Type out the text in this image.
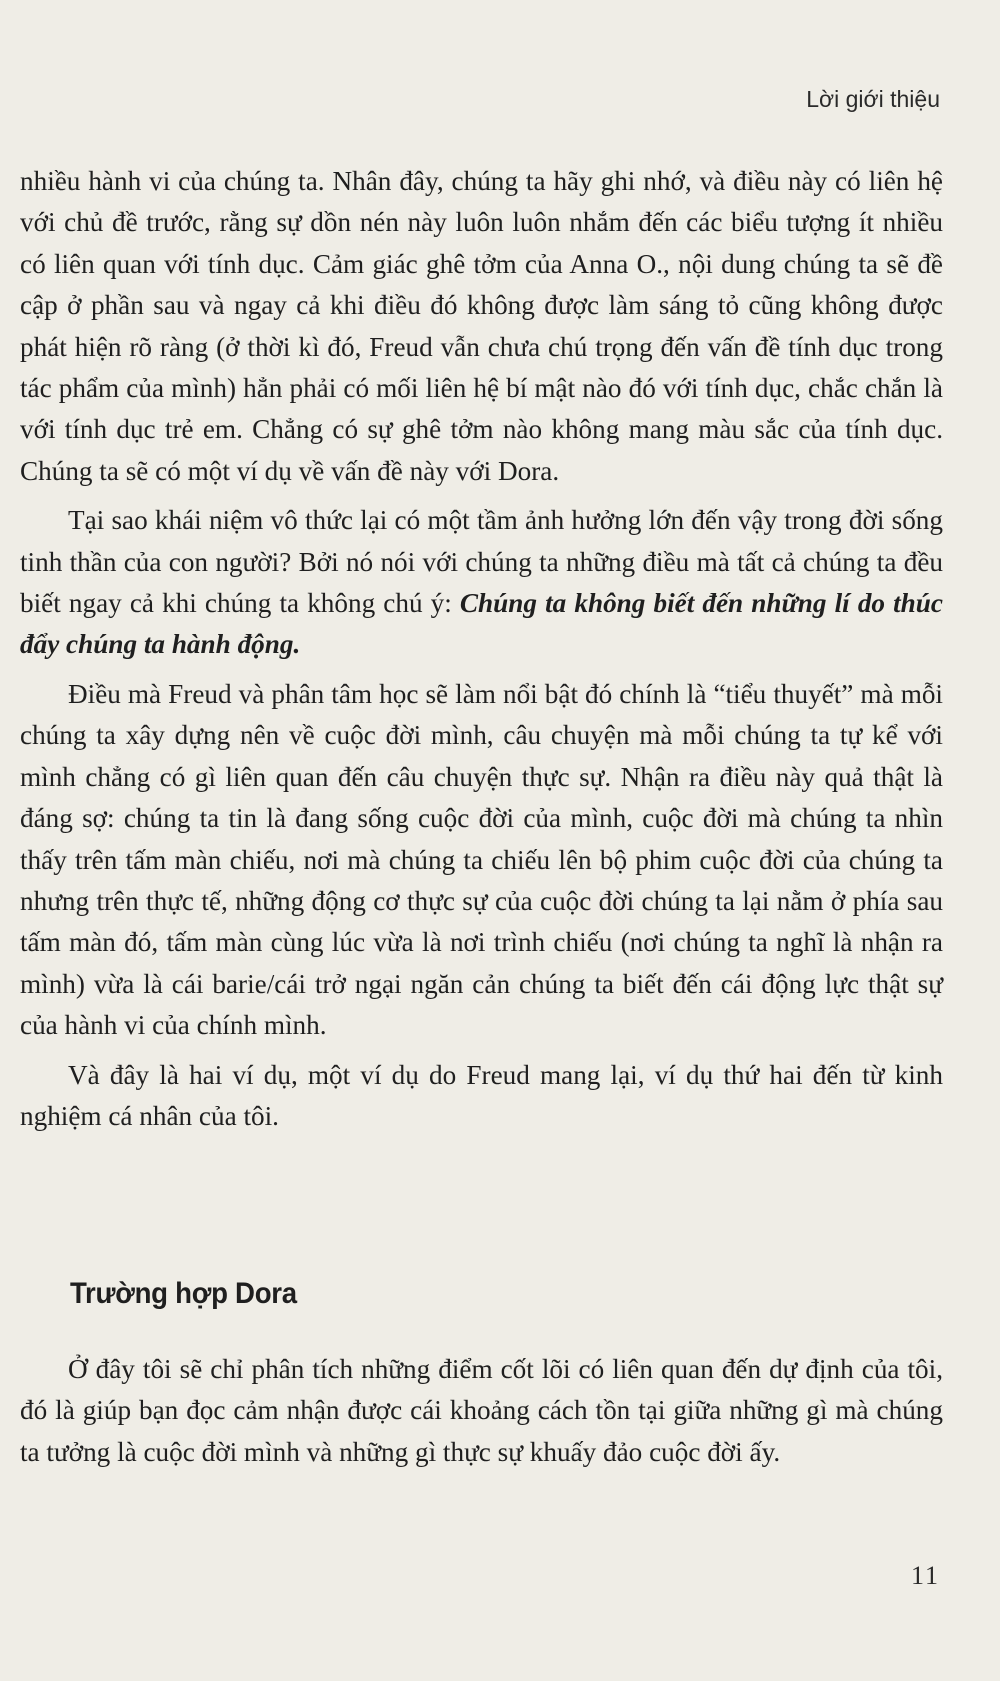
Lời giới thiệu

nhiều hành vi của chúng ta. Nhân đây, chúng ta hãy ghi nhớ, và điều này có liên hệ với chủ đề trước, rằng sự dồn nén này luôn luôn nhắm đến các biểu tượng ít nhiều có liên quan với tính dục. Cảm giác ghê tởm của Anna O., nội dung chúng ta sẽ đề cập ở phần sau và ngay cả khi điều đó không được làm sáng tỏ cũng không được phát hiện rõ ràng (ở thời kì đó, Freud vẫn chưa chú trọng đến vấn đề tính dục trong tác phẩm của mình) hẳn phải có mối liên hệ bí mật nào đó với tính dục, chắc chắn là với tính dục trẻ em. Chẳng có sự ghê tởm nào không mang màu sắc của tính dục. Chúng ta sẽ có một ví dụ về vấn đề này với Dora.

Tại sao khái niệm vô thức lại có một tầm ảnh hưởng lớn đến vậy trong đời sống tinh thần của con người? Bởi nó nói với chúng ta những điều mà tất cả chúng ta đều biết ngay cả khi chúng ta không chú ý: Chúng ta không biết đến những lí do thúc đẩy chúng ta hành động.

Điều mà Freud và phân tâm học sẽ làm nổi bật đó chính là “tiểu thuyết” mà mỗi chúng ta xây dựng nên về cuộc đời mình, câu chuyện mà mỗi chúng ta tự kể với mình chẳng có gì liên quan đến câu chuyện thực sự. Nhận ra điều này quả thật là đáng sợ: chúng ta tin là đang sống cuộc đời của mình, cuộc đời mà chúng ta nhìn thấy trên tấm màn chiếu, nơi mà chúng ta chiếu lên bộ phim cuộc đời của chúng ta nhưng trên thực tế, những động cơ thực sự của cuộc đời chúng ta lại nằm ở phía sau tấm màn đó, tấm màn cùng lúc vừa là nơi trình chiếu (nơi chúng ta nghĩ là nhận ra mình) vừa là cái barie/cái trở ngại ngăn cản chúng ta biết đến cái động lực thật sự của hành vi của chính mình.

Và đây là hai ví dụ, một ví dụ do Freud mang lại, ví dụ thứ hai đến từ kinh nghiệm cá nhân của tôi.

Trường hợp Dora

Ở đây tôi sẽ chỉ phân tích những điểm cốt lõi có liên quan đến dự định của tôi, đó là giúp bạn đọc cảm nhận được cái khoảng cách tồn tại giữa những gì mà chúng ta tưởng là cuộc đời mình và những gì thực sự khuấy đảo cuộc đời ấy.

11
